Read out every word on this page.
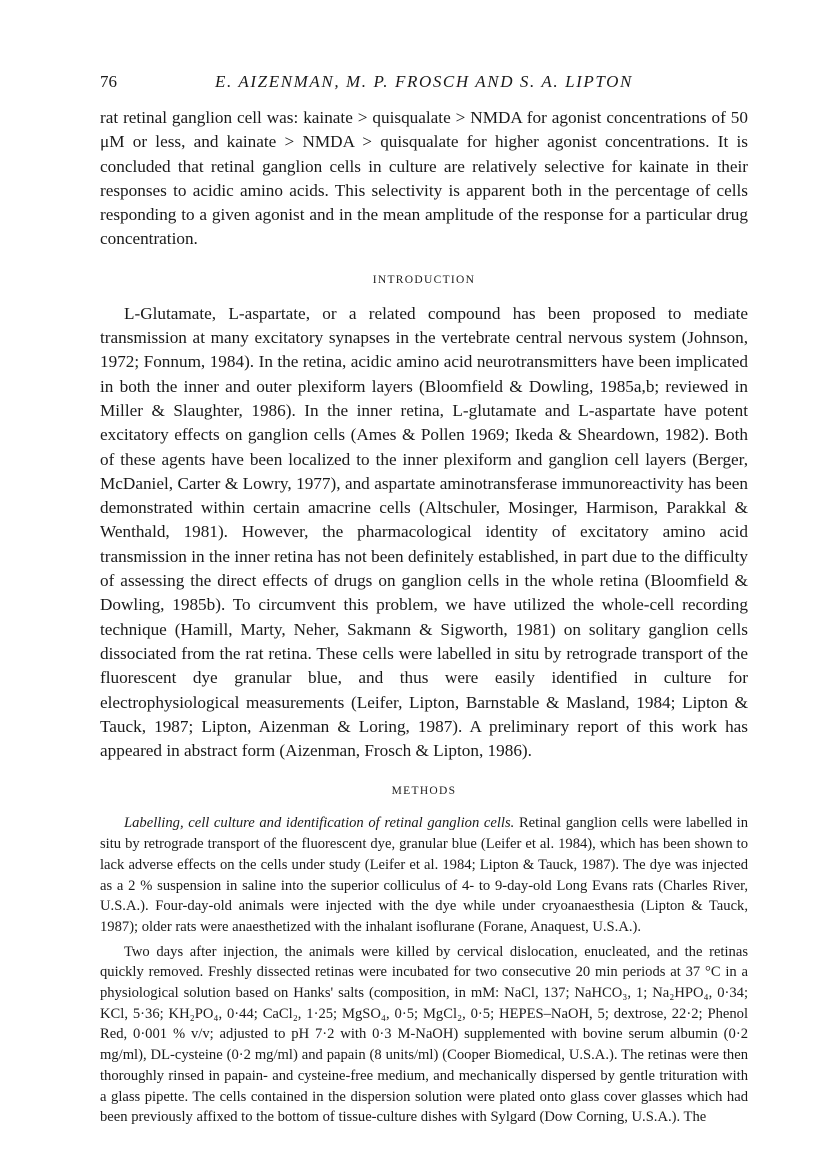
76	E. AIZENMAN, M. P. FROSCH AND S. A. LIPTON

rat retinal ganglion cell was: kainate > quisqualate > NMDA for agonist concentrations of 50 μM or less, and kainate > NMDA > quisqualate for higher agonist concentrations. It is concluded that retinal ganglion cells in culture are relatively selective for kainate in their responses to acidic amino acids. This selectivity is apparent both in the percentage of cells responding to a given agonist and in the mean amplitude of the response for a particular drug concentration.

INTRODUCTION

L-Glutamate, L-aspartate, or a related compound has been proposed to mediate transmission at many excitatory synapses in the vertebrate central nervous system (Johnson, 1972; Fonnum, 1984). In the retina, acidic amino acid neurotransmitters have been implicated in both the inner and outer plexiform layers (Bloomfield & Dowling, 1985a,b; reviewed in Miller & Slaughter, 1986). In the inner retina, L-glutamate and L-aspartate have potent excitatory effects on ganglion cells (Ames & Pollen 1969; Ikeda & Sheardown, 1982). Both of these agents have been localized to the inner plexiform and ganglion cell layers (Berger, McDaniel, Carter & Lowry, 1977), and aspartate aminotransferase immunoreactivity has been demonstrated within certain amacrine cells (Altschuler, Mosinger, Harmison, Parakkal & Wenthald, 1981). However, the pharmacological identity of excitatory amino acid transmission in the inner retina has not been definitely established, in part due to the difficulty of assessing the direct effects of drugs on ganglion cells in the whole retina (Bloomfield & Dowling, 1985b). To circumvent this problem, we have utilized the whole-cell recording technique (Hamill, Marty, Neher, Sakmann & Sigworth, 1981) on solitary ganglion cells dissociated from the rat retina. These cells were labelled in situ by retrograde transport of the fluorescent dye granular blue, and thus were easily identified in culture for electrophysiological measurements (Leifer, Lipton, Barnstable & Masland, 1984; Lipton & Tauck, 1987; Lipton, Aizenman & Loring, 1987). A preliminary report of this work has appeared in abstract form (Aizenman, Frosch & Lipton, 1986).

METHODS

Labelling, cell culture and identification of retinal ganglion cells. Retinal ganglion cells were labelled in situ by retrograde transport of the fluorescent dye, granular blue (Leifer et al. 1984), which has been shown to lack adverse effects on the cells under study (Leifer et al. 1984; Lipton & Tauck, 1987). The dye was injected as a 2 % suspension in saline into the superior colliculus of 4- to 9-day-old Long Evans rats (Charles River, U.S.A.). Four-day-old animals were injected with the dye while under cryoanaesthesia (Lipton & Tauck, 1987); older rats were anaesthetized with the inhalant isoflurane (Forane, Anaquest, U.S.A.).

Two days after injection, the animals were killed by cervical dislocation, enucleated, and the retinas quickly removed. Freshly dissected retinas were incubated for two consecutive 20 min periods at 37 °C in a physiological solution based on Hanks' salts (composition, in mM: NaCl, 137; NaHCO₃, 1; Na₂HPO₄, 0·34; KCl, 5·36; KH₂PO₄, 0·44; CaCl₂, 1·25; MgSO₄, 0·5; MgCl₂, 0·5; HEPES–NaOH, 5; dextrose, 22·2; Phenol Red, 0·001 % v/v; adjusted to pH 7·2 with 0·3 M-NaOH) supplemented with bovine serum albumin (0·2 mg/ml), DL-cysteine (0·2 mg/ml) and papain (8 units/ml) (Cooper Biomedical, U.S.A.). The retinas were then thoroughly rinsed in papain- and cysteine-free medium, and mechanically dispersed by gentle trituration with a glass pipette. The cells contained in the dispersion solution were plated onto glass cover glasses which had been previously affixed to the bottom of tissue-culture dishes with Sylgard (Dow Corning, U.S.A.). The
